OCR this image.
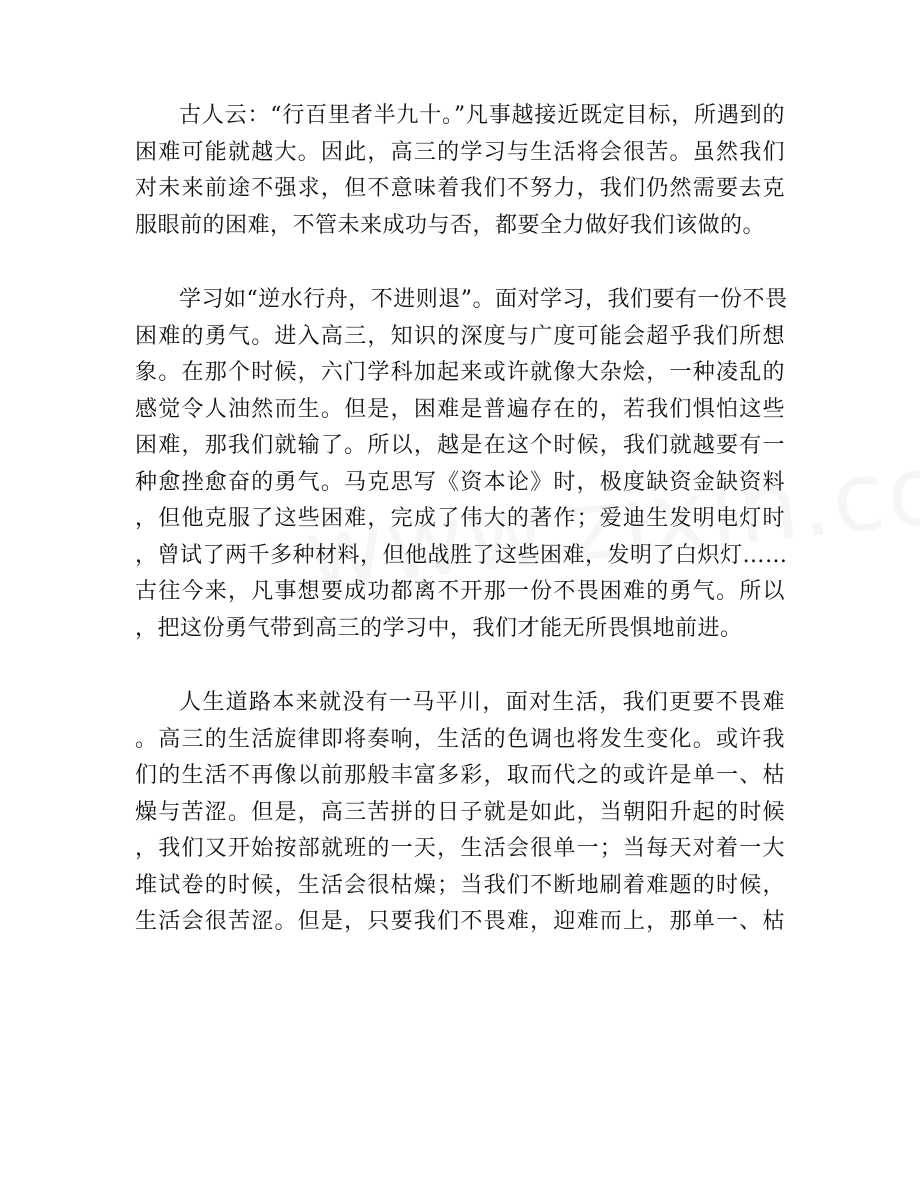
古人云：“行百里者半九十。”凡事越接近既定目标，所遇到的
困难可能就越大。因此，高三的学习与生活将会很苦。虽然我们
对未来前途不强求，但不意味着我们不努力，我们仍然需要去克
服眼前的困难，不管未来成功与否，都要全力做好我们该做的。
学习如“逆水行舟，不进则退”。面对学习，我们要有一份不畏
困难的勇气。进入高三，知识的深度与广度可能会超乎我们所想
象。在那个时候，六门学科加起来或许就像大杂烩，一种凌乱的
感觉令人油然而生。但是，困难是普遍存在的，若我们惧怕这些
困难，那我们就输了。所以，越是在这个时候，我们就越要有一
种愈挫愈奋的勇气。马克思写《资本论》时，极度缺资金缺资料
，但他克服了这些困难，完成了伟大的著作；爱迪生发明电灯时
，曾试了两千多种材料，但他战胜了这些困难，发明了白炽灯……
古往今来，凡事想要成功都离不开那一份不畏困难的勇气。所以
，把这份勇气带到高三的学习中，我们才能无所畏惧地前进。
人生道路本来就没有一马平川，面对生活，我们更要不畏难
。高三的生活旋律即将奏响，生活的色调也将发生变化。或许我
们的生活不再像以前那般丰富多彩，取而代之的或许是单一、枯
燥与苦涩。但是，高三苦拼的日子就是如此，当朝阳升起的时候
，我们又开始按部就班的一天，生活会很单一；当每天对着一大
堆试卷的时候，生活会很枯燥；当我们不断地刷着难题的时候，
生活会很苦涩。但是，只要我们不畏难，迎难而上，那单一、枯
